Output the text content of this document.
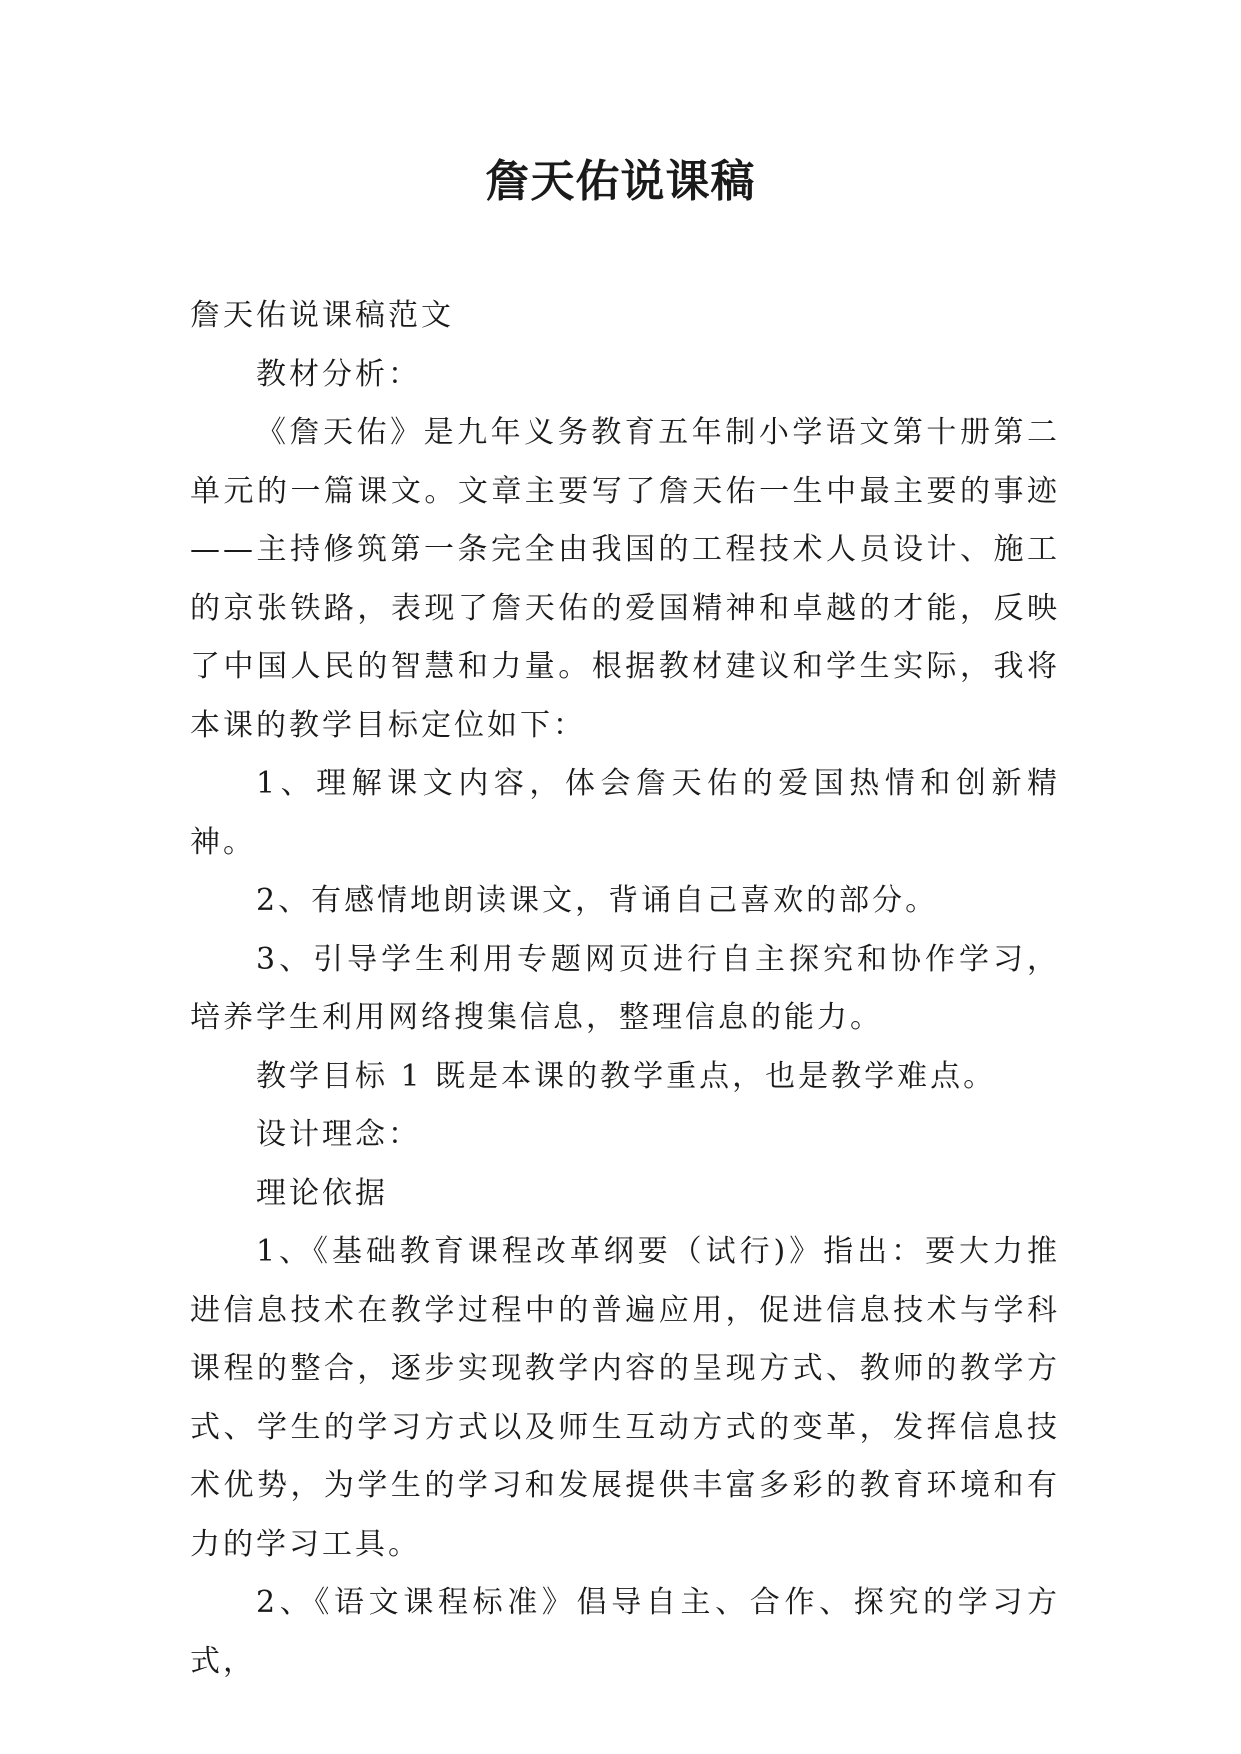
詹天佑说课稿

詹天佑说课稿范文

教材分析：

《詹天佑》是九年义务教育五年制小学语文第十册第二单元的一篇课文。文章主要写了詹天佑一生中最主要的事迹——主持修筑第一条完全由我国的工程技术人员设计、施工的京张铁路，表现了詹天佑的爱国精神和卓越的才能，反映了中国人民的智慧和力量。根据教材建议和学生实际，我将本课的教学目标定位如下：

1、理解课文内容，体会詹天佑的爱国热情和创新精神。

2、有感情地朗读课文，背诵自己喜欢的部分。

3、引导学生利用专题网页进行自主探究和协作学习，培养学生利用网络搜集信息，整理信息的能力。

教学目标 1 既是本课的教学重点，也是教学难点。

设计理念：

理论依据

1、《基础教育课程改革纲要（试行)》指出：要大力推进信息技术在教学过程中的普遍应用，促进信息技术与学科课程的整合，逐步实现教学内容的呈现方式、教师的教学方式、学生的学习方式以及师生互动方式的变革，发挥信息技术优势，为学生的学习和发展提供丰富多彩的教育环境和有力的学习工具。

2、《语文课程标准》倡导自主、合作、探究的学习方式，
